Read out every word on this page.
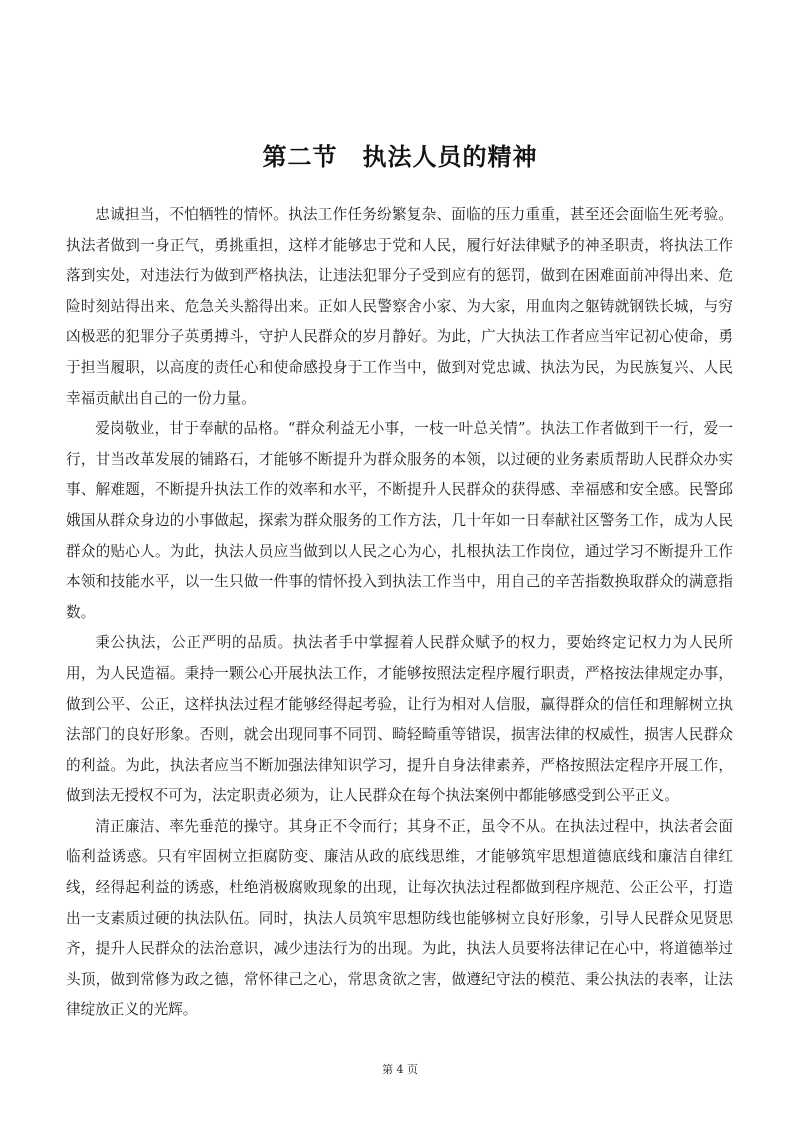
第二节　执法人员的精神

忠诚担当，不怕牺牲的情怀。执法工作任务纷繁复杂、面临的压力重重，甚至还会面临生死考验。执法者做到一身正气，勇挑重担，这样才能够忠于党和人民，履行好法律赋予的神圣职责，将执法工作落到实处，对违法行为做到严格执法，让违法犯罪分子受到应有的惩罚，做到在困难面前冲得出来、危险时刻站得出来、危急关头豁得出来。正如人民警察舍小家、为大家，用血肉之躯铸就钢铁长城，与穷凶极恶的犯罪分子英勇搏斗，守护人民群众的岁月静好。为此，广大执法工作者应当牢记初心使命，勇于担当履职，以高度的责任心和使命感投身于工作当中，做到对党忠诚、执法为民，为民族复兴、人民幸福贡献出自己的一份力量。

爱岗敬业，甘于奉献的品格。“群众利益无小事，一枝一叶总关情”。执法工作者做到干一行，爱一行，甘当改革发展的铺路石，才能够不断提升为群众服务的本领，以过硬的业务素质帮助人民群众办实事、解难题，不断提升执法工作的效率和水平，不断提升人民群众的获得感、幸福感和安全感。民警邱娥国从群众身边的小事做起，探索为群众服务的工作方法，几十年如一日奉献社区警务工作，成为人民群众的贴心人。为此，执法人员应当做到以人民之心为心，扎根执法工作岗位，通过学习不断提升工作本领和技能水平，以一生只做一件事的情怀投入到执法工作当中，用自己的辛苦指数换取群众的满意指数。

秉公执法，公正严明的品质。执法者手中掌握着人民群众赋予的权力，要始终定记权力为人民所用，为人民造福。秉持一颗公心开展执法工作，才能够按照法定程序履行职责，严格按法律规定办事，做到公平、公正，这样执法过程才能够经得起考验，让行为相对人信服，赢得群众的信任和理解树立执法部门的良好形象。否则，就会出现同事不同罚、畸轻畸重等错误，损害法律的权威性，损害人民群众的利益。为此，执法者应当不断加强法律知识学习，提升自身法律素养，严格按照法定程序开展工作，做到法无授权不可为，法定职责必须为，让人民群众在每个执法案例中都能够感受到公平正义。

清正廉洁、率先垂范的操守。其身正不令而行；其身不正，虽令不从。在执法过程中，执法者会面临利益诱惑。只有牢固树立拒腐防变、廉洁从政的底线思维，才能够筑牢思想道德底线和廉洁自律红线，经得起利益的诱惑，杜绝消极腐败现象的出现，让每次执法过程都做到程序规范、公正公平，打造出一支素质过硬的执法队伍。同时，执法人员筑牢思想防线也能够树立良好形象，引导人民群众见贤思齐，提升人民群众的法治意识，减少违法行为的出现。为此，执法人员要将法律记在心中，将道德举过头顶，做到常修为政之德，常怀律己之心，常思贪欲之害，做遵纪守法的模范、秉公执法的表率，让法律绽放正义的光辉。

第 4 页
